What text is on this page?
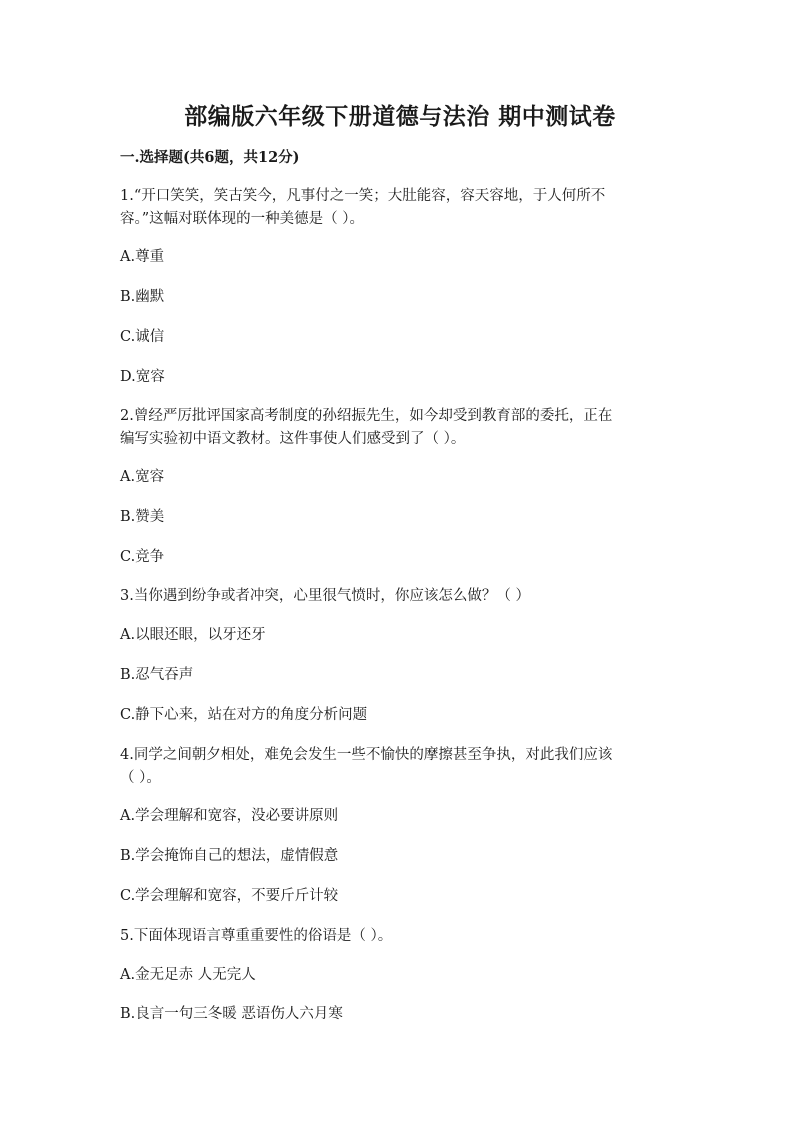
部编版六年级下册道德与法治 期中测试卷
一.选择题(共6题，共12分)
1.“开口笑笑，笑古笑今，凡事付之一笑；大肚能容，容天容地，于人何所不
容。”这幅对联体现的一种美德是（ ）。
A.尊重
B.幽默
C.诚信
D.宽容
2.曾经严厉批评国家高考制度的孙绍振先生，如今却受到教育部的委托，正在
编写实验初中语文教材。这件事使人们感受到了（ ）。
A.宽容
B.赞美
C.竞争
3.当你遇到纷争或者冲突，心里很气愤时，你应该怎么做？（ ）
A.以眼还眼，以牙还牙
B.忍气吞声
C.静下心来，站在对方的角度分析问题
4.同学之间朝夕相处，难免会发生一些不愉快的摩擦甚至争执，对此我们应该
（ ）。
A.学会理解和宽容，没必要讲原则
B.学会掩饰自己的想法，虚情假意
C.学会理解和宽容，不要斤斤计较
5.下面体现语言尊重重要性的俗语是（ ）。
A.金无足赤 人无完人
B.良言一句三冬暖 恶语伤人六月寒
